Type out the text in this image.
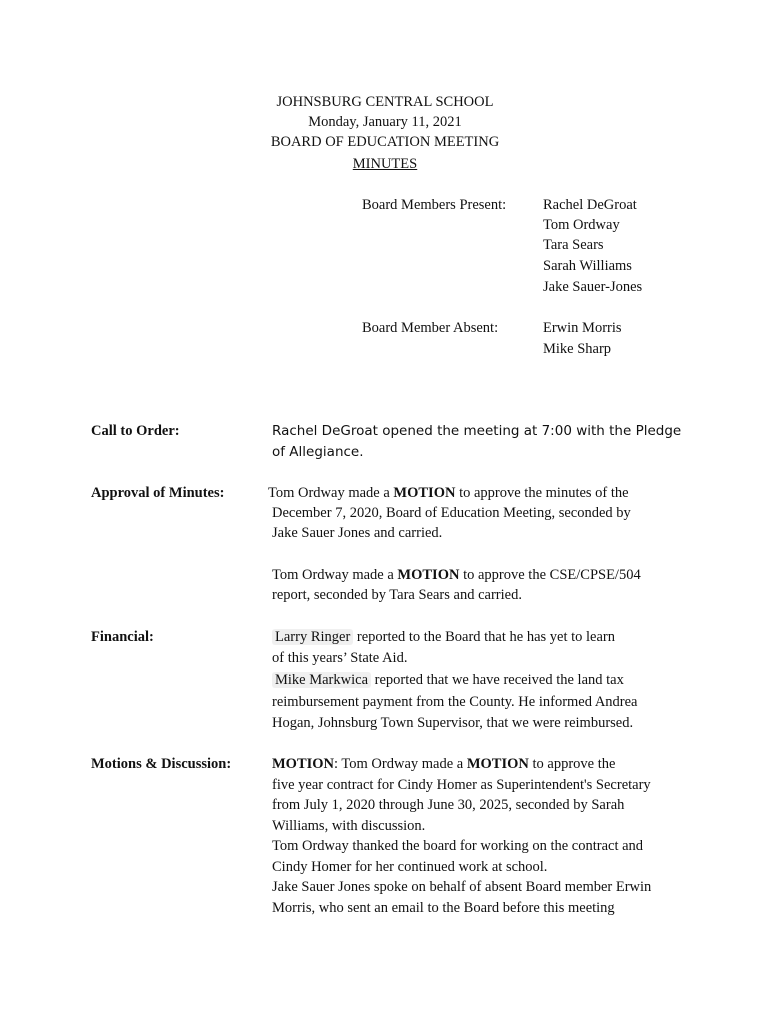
JOHNSBURG CENTRAL SCHOOL
Monday, January 11, 2021
BOARD OF EDUCATION MEETING
MINUTES
Board Members Present:	Rachel DeGroat
Tom Ordway
Tara Sears
Sarah Williams
Jake Sauer-Jones
Board Member Absent:	Erwin Morris
Mike Sharp
Call to Order:	Rachel DeGroat opened the meeting at 7:00 with the Pledge
of Allegiance.
Approval of Minutes:	Tom Ordway made a MOTION to approve the minutes of the
December 7, 2020, Board of Education Meeting, seconded by
Jake Sauer Jones and carried.
Tom Ordway made a MOTION to approve the CSE/CPSE/504
report, seconded by Tara Sears and carried.
Financial:	Larry Ringer reported to the Board that he has yet to learn
of this years’ State Aid.
Mike Markwica reported that we have received the land tax
reimbursement payment from the County. He informed Andrea
Hogan, Johnsburg Town Supervisor, that we were reimbursed.
Motions & Discussion:	MOTION: Tom Ordway made a MOTION to approve the
five year contract for Cindy Homer as Superintendent's Secretary
from July 1, 2020 through June 30, 2025, seconded by Sarah
Williams, with discussion.
Tom Ordway thanked the board for working on the contract and
Cindy Homer for her continued work at school.
Jake Sauer Jones spoke on behalf of absent Board member Erwin
Morris, who sent an email to the Board before this meeting
